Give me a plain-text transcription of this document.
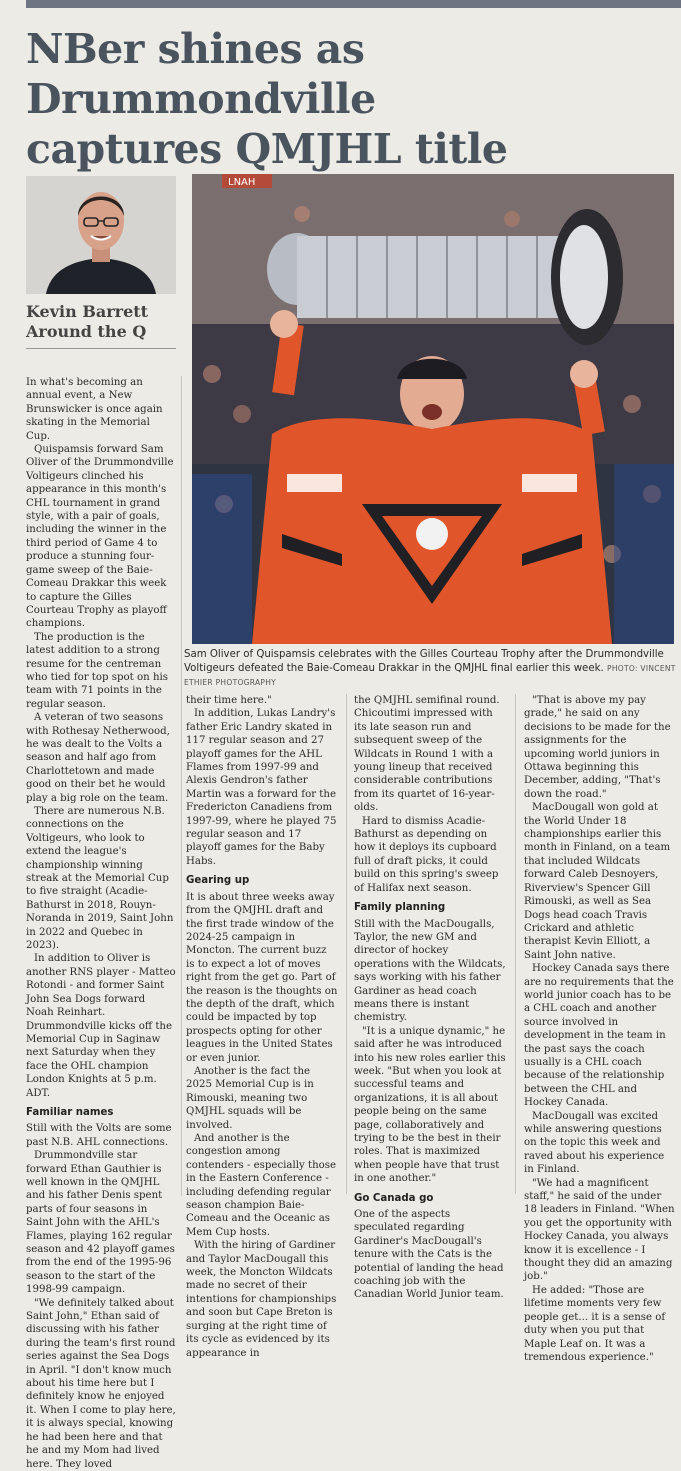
NBer shines as Drummondville
captures QMJHL title
Kevin Barrett
Around the Q
LNAH
Sam Oliver of Quispamsis celebrates with the Gilles Courteau Trophy after the Drummondville Voltigeurs defeated the Baie-Comeau Drakkar in the QMJHL final earlier this week. PHOTO: VINCENT ETHIER PHOTOGRAPHY

In what's becoming an annual event, a New Brunswicker is once again skating in the Memorial Cup.

Quispamsis forward Sam Oliver of the Drummondville Voltigeurs clinched his appearance in this month's CHL tournament in grand style, with a pair of goals, including the winner in the third period of Game 4 to produce a stunning four-game sweep of the Baie-Comeau Drakkar this week to capture the Gilles Courteau Trophy as playoff champions.

The production is the latest addition to a strong resume for the centreman who tied for top spot on his team with 71 points in the regular season.

A veteran of two seasons with Rothesay Netherwood, he was dealt to the Volts a season and half ago from Charlottetown and made good on their bet he would play a big role on the team.

There are numerous N.B. connections on the Voltigeurs, who look to extend the league's championship winning streak at the Memorial Cup to five straight (Acadie-Bathurst in 2018, Rouyn-Noranda in 2019, Saint John in 2022 and Quebec in 2023).

In addition to Oliver is another RNS player - Matteo Rotondi - and former Saint John Sea Dogs forward Noah Reinhart. Drummondville kicks off the Memorial Cup in Saginaw next Saturday when they face the OHL champion London Knights at 5 p.m. ADT.

Familiar names

Still with the Volts are some past N.B. AHL connections.

Drummondville star forward Ethan Gauthier is well known in the QMJHL and his father Denis spent parts of four seasons in Saint John with the AHL's Flames, playing 162 regular season and 42 playoff games from the end of the 1995-96 season to the start of the 1998-99 campaign.

"We definitely talked about Saint John," Ethan said of discussing with his father during the team's first round series against the Sea Dogs in April. "I don't know much about his time here but I definitely know he enjoyed it. When I come to play here, it is always special, knowing he had been here and that he and my Mom had lived here. They loved

their time here."

In addition, Lukas Landry's father Eric Landry skated in 117 regular season and 27 playoff games for the AHL Flames from 1997-99 and Alexis Gendron's father Martin was a forward for the Fredericton Canadiens from 1997-99, where he played 75 regular season and 17 playoff games for the Baby Habs.

Gearing up

It is about three weeks away from the QMJHL draft and the first trade window of the 2024-25 campaign in Moncton. The current buzz is to expect a lot of moves right from the get go. Part of the reason is the thoughts on the depth of the draft, which could be impacted by top prospects opting for other leagues in the United States or even junior.

Another is the fact the 2025 Memorial Cup is in Rimouski, meaning two QMJHL squads will be involved.

And another is the congestion among contenders - especially those in the Eastern Conference - including defending regular season champion Baie-Comeau and the Oceanic as Mem Cup hosts.

With the hiring of Gardiner and Taylor MacDougall this week, the Moncton Wildcats made no secret of their intentions for championships and soon but Cape Breton is surging at the right time of its cycle as evidenced by its appearance in

the QMJHL semifinal round. Chicoutimi impressed with its late season run and subsequent sweep of the Wildcats in Round 1 with a young lineup that received considerable contributions from its quartet of 16-year-olds.

Hard to dismiss Acadie-Bathurst as depending on how it deploys its cupboard full of draft picks, it could build on this spring's sweep of Halifax next season.

Family planning

Still with the MacDougalls, Taylor, the new GM and director of hockey operations with the Wildcats, says working with his father Gardiner as head coach means there is instant chemistry.

"It is a unique dynamic," he said after he was introduced into his new roles earlier this week. "But when you look at successful teams and organizations, it is all about people being on the same page, collaboratively and trying to be the best in their roles. That is maximized when people have that trust in one another."

Go Canada go

One of the aspects speculated regarding Gardiner's MacDougall's tenure with the Cats is the potential of landing the head coaching job with the Canadian World Junior team.

"That is above my pay grade," he said on any decisions to be made for the assignments for the upcoming world juniors in Ottawa beginning this December, adding, "That's down the road."

MacDougall won gold at the World Under 18 championships earlier this month in Finland, on a team that included Wildcats forward Caleb Desnoyers, Riverview's Spencer Gill Rimouski, as well as Sea Dogs head coach Travis Crickard and athletic therapist Kevin Elliott, a Saint John native.

Hockey Canada says there are no requirements that the world junior coach has to be a CHL coach and another source involved in development in the team in the past says the coach usually is a CHL coach because of the relationship between the CHL and Hockey Canada.

MacDougall was excited while answering questions on the topic this week and raved about his experience in Finland.

"We had a magnificent staff," he said of the under 18 leaders in Finland. "When you get the opportunity with Hockey Canada, you always know it is excellence - I thought they did an amazing job."

He added: "Those are lifetime moments very few people get... it is a sense of duty when you put that Maple Leaf on. It was a tremendous experience."
